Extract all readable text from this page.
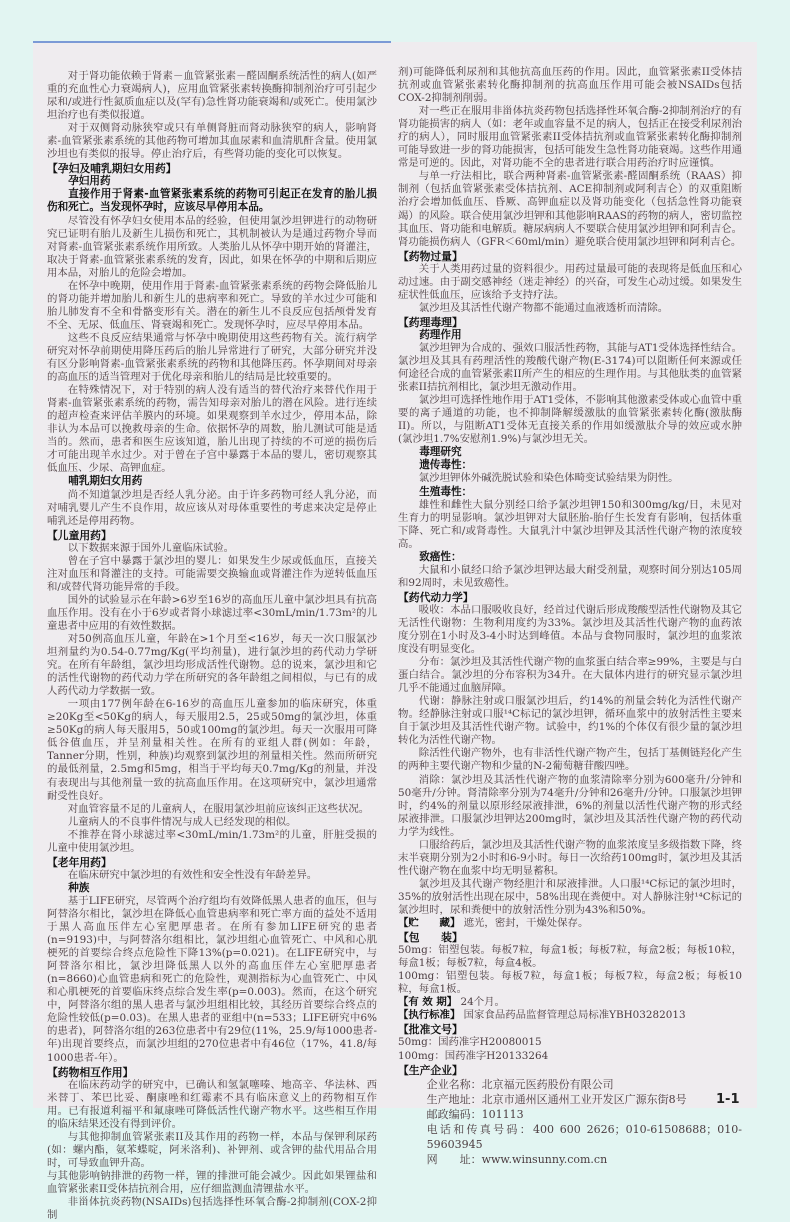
对于肾功能依赖于肾素－血管紧张素－醛固酮系统活性的病人(如严重的充血性心力衰竭病人)，应用血管紧张素转换酶抑制剂治疗可引起少尿和/或进行性氮质血症以及(罕有)急性肾功能衰竭和/或死亡。使用氯沙坦治疗也有类似报道。
对于双侧肾动脉狭窄或只有单侧肾脏而肾动脉狭窄的病人，影响肾素-血管紧张素系统的其他药物可增加其血尿素和血清肌酐含量。使用氯沙坦也有类似的报导。停止治疗后，有些肾功能的变化可以恢复。
【孕妇及哺乳期妇女用药】
孕妇用药
直接作用于肾素-血管紧张素系统的药物可引起正在发育的胎儿损伤和死亡。当发现怀孕时，应该尽早停用本品。
尽管没有怀孕妇女使用本品的经验，但使用氯沙坦钾进行的动物研究已证明有胎儿及新生儿损伤和死亡，其机制被认为是通过药物介导而对肾素-血管紧张素系统作用所致。人类胎儿从怀孕中期开始的肾灌注，取决于肾素-血管紧张素系统的发育，因此，如果在怀孕的中期和后期应用本品，对胎儿的危险会增加。
在怀孕中晚期，使用作用于肾素-血管紧张素系统的药物会降低胎儿的肾功能并增加胎儿和新生儿的患病率和死亡。导致的羊水过少可能和胎儿肺发育不全和骨骼变形有关。潜在的新生儿不良反应包括颅骨发育不全、无尿、低血压、肾衰竭和死亡。发现怀孕时，应尽早停用本品。
这些不良反应结果通常与怀孕中晚期使用这些药物有关。流行病学研究对怀孕前期使用降压药后的胎儿异常进行了研究，大部分研究并没有区分影响肾素-血管紧张素系统的药物和其他降压药。怀孕期间对母亲的高血压的适当管理对于优化母亲和胎儿的结局是比较重要的。
在特殊情况下，对于特别的病人没有适当的替代治疗来替代作用于肾素-血管紧张素系统的药物，需告知母亲对胎儿的潜在风险。进行连续的超声检查来评估羊膜内的环境。如果观察到羊水过少，停用本品，除非认为本品可以挽救母亲的生命。依据怀孕的周数，胎儿测试可能是适当的。然而，患者和医生应该知道，胎儿出现了持续的不可逆的损伤后才可能出现羊水过少。对于曾在子宫中暴露于本品的婴儿，密切观察其低血压、少尿、高钾血症。
哺乳期妇女用药
尚不知道氯沙坦是否经人乳分泌。由于许多药物可经人乳分泌，而对哺乳婴儿产生不良作用，故应该从对母体重要性的考虑来决定是停止哺乳还是停用药物。
【儿童用药】
以下数据来源于国外儿童临床试验。
曾在子宫中暴露于氯沙坦的婴儿：如果发生少尿或低血压，直接关注对血压和肾灌注的支持。可能需要交换输血或肾灌注作为逆转低血压和/或替代肾功能异常的手段。
国外的试验显示在年龄>6岁至16岁的高血压儿童中氯沙坦具有抗高血压作用。没有在小于6岁或者肾小球滤过率<30mL/min/1.73m²的儿童患者中应用的有效性数据。
对50例高血压儿童，年龄在>1个月至<16岁，每天一次口服氯沙坦剂量约为0.54-0.77mg/Kg(平均剂量)，进行氯沙坦的药代动力学研究。在所有年龄组，氯沙坦均形成活性代谢物。总的说来，氯沙坦和它的活性代谢物的药代动力学在所研究的各年龄组之间相似，与已有的成人药代动力学数据一致。
一项由177例年龄在6-16岁的高血压儿童参加的临床研究，体重≥20Kg至<50Kg的病人，每天服用2.5，25或50mg的氯沙坦，体重≥50Kg的病人每天服用5，50或100mg的氯沙坦。每天一次服用可降低谷值血压，并呈剂量相关性。在所有的亚组人群(例如：年龄，Tanner分期，性别，种族)均观察到氯沙坦的剂量相关性。然而所研究的最低剂量，2.5mg和5mg，相当于平均每天0.7mg/Kg的剂量，并没有表现出与其他剂量一致的抗高血压作用。在这项研究中，氯沙坦通常耐受性良好。
对血管容量不足的儿童病人，在服用氯沙坦前应该纠正这些状况。
儿童病人的不良事件情况与成人已经发现的相似。
不推荐在肾小球滤过率<30mL/min/1.73m²的儿童，肝脏受损的儿童中使用氯沙坦。
【老年用药】
在临床研究中氯沙坦的有效性和安全性没有年龄差异。
种族
基于LIFE研究，尽管两个治疗组均有效降低黑人患者的血压，但与阿替洛尔相比，氯沙坦在降低心血管患病率和死亡率方面的益处不适用于黑人高血压伴左心室肥厚患者。在所有参加LIFE研究的患者(n=9193)中，与阿替洛尔组相比，氯沙坦组心血管死亡、中风和心肌梗死的首要综合终点危险性下降13%(p=0.021)。在LIFE研究中，与阿替洛尔相比，氯沙坦降低黑人以外的高血压伴左心室肥厚患者(n=8660)心血管患病和死亡的危险性，观测指标为心血管死亡、中风和心肌梗死的首要临床终点综合发生率(p=0.003)。然而，在这个研究中，阿替洛尔组的黑人患者与氯沙坦组相比较，其经历首要综合终点的危险性较低(p=0.03)。在黑人患者的亚组中(n=533；LIFE研究中6%的患者)，阿替洛尔组的263位患者中有29位(11%，25.9/每1000患者-年)出现首要终点，而氯沙坦组的270位患者中有46位（17%，41.8/每1000患者-年）。
【药物相互作用】
在临床药动学的研究中，已确认和氢氯噻嗪、地高辛、华法林、西米替丁、苯巴比妥、酮康唑和红霉素不具有临床意义上的药物相互作用。已有报道利福平和氟康唑可降低活性代谢产物水平。这些相互作用的临床结果还没有得到评价。
与其他抑制血管紧张素II及其作用的药物一样，本品与保钾利尿药(如：螺内酯，氨苯蝶啶，阿米洛利)、补钾剂、或含钾的盐代用品合用时，可导致血钾升高。
与其他影响钠排泄的药物一样，锂的排泄可能会减少。因此如果锂盐和血管紧张素II受体拮抗剂合用，应仔细监测血清锂盐水平。
非甾体抗炎药物(NSAIDs)包括选择性环氧合酶-2抑制剂(COX-2抑制
剂)可能降低利尿剂和其他抗高血压药的作用。因此，血管紧张素II受体拮抗剂或血管紧张素转化酶抑制剂的抗高血压作用可能会被NSAIDs包括COX-2抑制剂削弱。
对一些正在服用非甾体抗炎药物包括选择性环氧合酶-2抑制剂治疗的有肾功能损害的病人（如：老年或血容量不足的病人，包括正在接受利尿剂治疗的病人），同时服用血管紧张素II受体拮抗剂或血管紧张素转化酶抑制剂可能导致进一步的肾功能损害，包括可能发生急性肾功能衰竭。这些作用通常是可逆的。因此，对肾功能不全的患者进行联合用药治疗时应谨慎。
与单一疗法相比，联合两种肾素-血管紧张素-醛固酮系统（RAAS）抑制剂（包括血管紧张素受体拮抗剂、ACE抑制剂或阿利吉仑）的双重阻断治疗会增加低血压、昏厥、高钾血症以及肾功能变化（包括急性肾功能衰竭）的风险。联合使用氯沙坦钾和其他影响RAAS的药物的病人，密切监控其血压、肾功能和电解质。糖尿病病人不要联合使用氯沙坦钾和阿利吉仑。肾功能损伤病人（GFR＜60ml/min）避免联合使用氯沙坦钾和阿利吉仑。
【药物过量】
关于人类用药过量的资料很少。用药过量最可能的表现将是低血压和心动过速。由于副交感神经（迷走神经）的兴奋，可发生心动过缓。如果发生症状性低血压，应该给予支持疗法。
氯沙坦及其活性代谢产物都不能通过血液透析而清除。
【药理毒理】
药理作用
氯沙坦钾为合成的、强效口服活性药物，其能与AT1受体选择性结合。氯沙坦及其具有药理活性的羧酸代谢产物(E-3174)可以阻断任何来源或任何途径合成的血管紧张素II所产生的相应的生理作用。与其他肽类的血管紧张素II拮抗剂相比，氯沙坦无激动作用。
氯沙坦可选择性地作用于AT1受体，不影响其他激素受体或心血管中重要的离子通道的功能，也不抑制降解缓激肽的血管紧张素转化酶(激肽酶II)。所以，与阻断AT1受体无直接关系的作用如缓激肽介导的效应或水肿(氯沙坦1.7%安慰剂1.9%)与氯沙坦无关。
毒理研究
遗传毒性：
氯沙坦钾体外碱洗脱试验和染色体畸变试验结果为阴性。
生殖毒性：
雄性和雌性大鼠分别经口给予氯沙坦钾150和300mg/kg/日，未见对生育力的明显影响。氯沙坦钾对大鼠胚胎-胎仔生长发育有影响，包括体重下降、死亡和/或肾毒性。大鼠乳汁中氯沙坦钾及其活性代谢产物的浓度较高。
致癌性：
大鼠和小鼠经口给予氯沙坦钾达最大耐受剂量，观察时间分别达105周和92周时，未见致癌性。
【药代动力学】
吸收：本品口服吸收良好，经首过代谢后形成羧酸型活性代谢物及其它无活性代谢物：生物利用度约为33%。氯沙坦及其活性代谢产物的血药浓度分别在1小时及3-4小时达到峰值。本品与食物同服时，氯沙坦的血浆浓度没有明显变化。
分布：氯沙坦及其活性代谢产物的血浆蛋白结合率≥99%，主要是与白蛋白结合。氯沙坦的分布容积为34升。在大鼠体内进行的研究显示氯沙坦几乎不能通过血脑屏障。
代谢：静脉注射或口服氯沙坦后，约14%的剂量会转化为活性代谢产物。经静脉注射或口服¹⁴C标记的氯沙坦钾，循环血浆中的放射活性主要来自于氯沙坦及其活性代谢产物。试验中，约1%的个体仅有很少量的氯沙坦转化为活性代谢产物。
除活性代谢产物外，也有非活性代谢产物产生，包括丁基侧链羟化产生的两种主要代谢产物和少量的N-2葡萄糖苷酸四唑。
消除：氯沙坦及其活性代谢产物的血浆清除率分别为600毫升/分钟和50毫升/分钟。肾清除率分别为74毫升/分钟和26毫升/分钟。口服氯沙坦钾时，约4%的剂量以原形经尿液排泄，6%的剂量以活性代谢产物的形式经尿液排泄。口服氯沙坦钾达200mg时，氯沙坦及其活性代谢产物的药代动力学为线性。
口服给药后，氯沙坦及其活性代谢产物的血浆浓度呈多级指数下降，终末半衰期分别为2小时和6-9小时。每日一次给药100mg时，氯沙坦及其活性代谢产物在血浆中均无明显蓄积。
氯沙坦及其代谢产物经胆汁和尿液排泄。人口服¹⁴C标记的氯沙坦时，35%的放射活性出现在尿中，58%出现在粪便中。对人静脉注射¹⁴C标记的氯沙坦时，尿和粪便中的放射活性分别为43%和50%。
【贮　　藏】 遮光，密封，干燥处保存。
【包　　装】
50mg：铝塑包装。每板7粒，每盒1板；每板7粒，每盒2板；每板10粒，每盒1板；每板7粒，每盒4板。
100mg：铝塑包装。每板7粒，每盒1板；每板7粒，每盒2板；每板10粒，每盒1板。
【有 效 期】 24个月。
【执行标准】 国家食品药品监督管理总局标准YBH03282013
【批准文号】
50mg：国药准字H20080015
100mg：国药准字H20133264
【生产企业】
企业名称：北京福元医药股份有限公司
生产地址：北京市通州区通州工业开发区广源东街8号
邮政编码：101113
电话和传真号码：400 600 2626；010-61508688；010-59603945
网　　址：www.winsunny.com.cn
1-1
